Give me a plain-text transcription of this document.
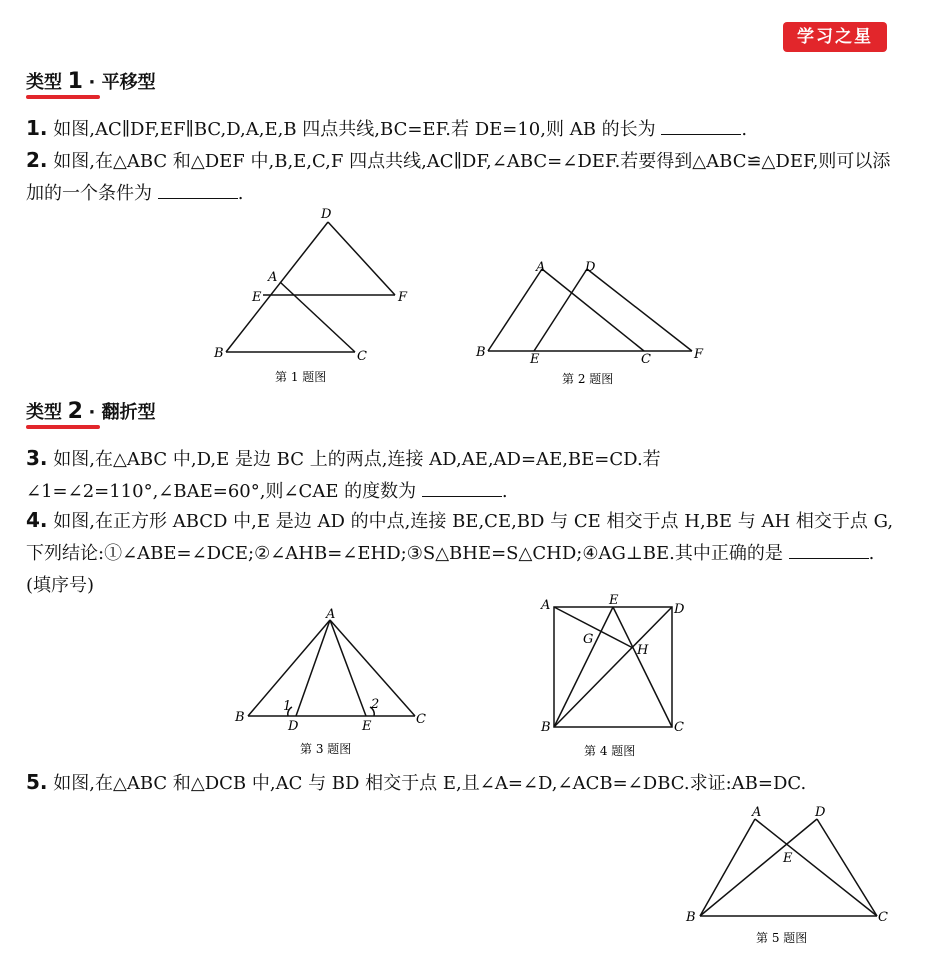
学习之星
类型 1 · 平移型
1. 如图,AC∥DF,EF∥BC,D,A,E,B 四点共线,BC=EF.若 DE=10,则 AB 的长为	.
2. 如图,在△ABC 和△DEF 中,B,E,C,F 四点共线,AC∥DF,∠ABC=∠DEF.若要得到△ABC≌△DEF,则可以添加的一个条件为	.
D
A
E	F
B	C
第 1 题图
A	D
B	E	C	F
第 2 题图
类型 2 · 翻折型
3. 如图,在△ABC 中,D,E 是边 BC 上的两点,连接 AD,AE,AD=AE,BE=CD.若∠1=∠2=110°,∠BAE=60°,则∠CAE 的度数为	.
4. 如图,在正方形 ABCD 中,E 是边 AD 的中点,连接 BE,CE,BD 与 CE 相交于点 H,BE 与 AH 相交于点 G,下列结论:①∠ABE=∠DCE;②∠AHB=∠EHD;③S△BHE=S△CHD;④AG⊥BE.其中正确的是	.(填序号)
A
B
D	E	C
1	2
第 3 题图
A	E
D
G
H
B	C
第 4 题图
5. 如图,在△ABC 和△DCB 中,AC 与 BD 相交于点 E,且∠A=∠D,∠ACB=∠DBC.求证:AB=DC.
A	D
E
B	C
第 5 题图
